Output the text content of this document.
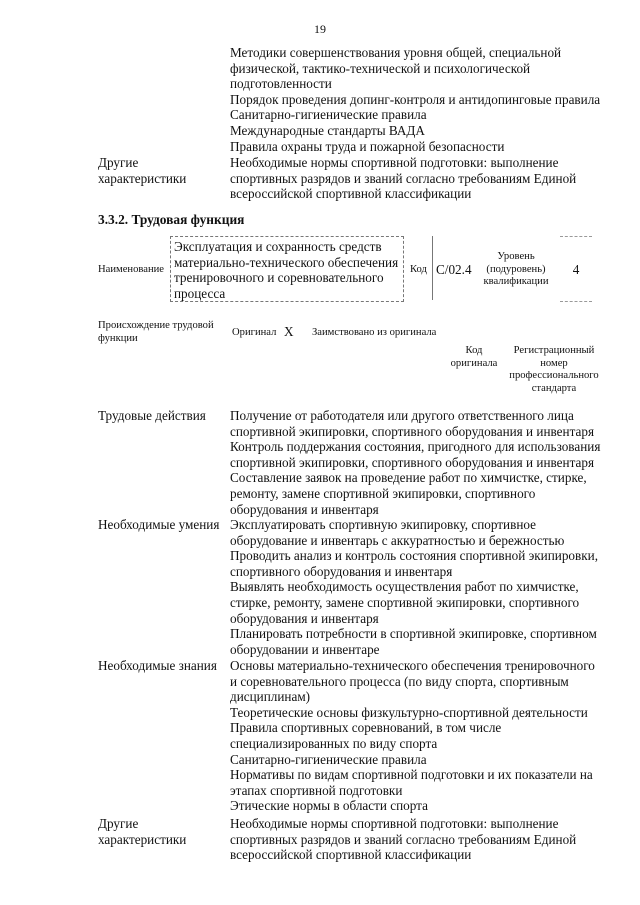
19
Методики совершенствования уровня общей, специальной
физической, тактико-технической и психологической
подготовленности
Порядок проведения допинг-контроля и антидопинговые правила
Санитарно-гигиенические правила
Международные стандарты ВАДА
Правила охраны труда и пожарной безопасности
Другие
характеристики
Необходимые нормы спортивной подготовки: выполнение
спортивных разрядов и званий согласно требованиям Единой
всероссийской спортивной классификации
3.3.2. Трудовая функция
Наименование
Эксплуатация и сохранность средств
материально-технического обеспечения
тренировочного и соревновательного
процесса
Код C/02.4
Уровень
(подуровень)
квалификации
4
Происхождение трудовой
функции
Оригинал X Заимствовано из оригинала
Код
оригинала
Регистрационный
номер
профессионального
стандарта
Трудовые действия	Получение от работодателя или другого ответственного лица
спортивной экипировки, спортивного оборудования и инвентаря
Контроль поддержания состояния, пригодного для использования
спортивной экипировки, спортивного оборудования и инвентаря
Составление заявок на проведение работ по химчистке, стирке,
ремонту, замене спортивной экипировки, спортивного
оборудования и инвентаря
Необходимые умения Эксплуатировать спортивную экипировку, спортивное
оборудование и инвентарь с аккуратностью и бережностью
Проводить анализ и контроль состояния спортивной экипировки,
спортивного оборудования и инвентаря
Выявлять необходимость осуществления работ по химчистке,
стирке, ремонту, замене спортивной экипировки, спортивного
оборудования и инвентаря
Планировать потребности в спортивной экипировке, спортивном
оборудовании и инвентаре
Необходимые знания Основы материально-технического обеспечения тренировочного
и соревновательного процесса (по виду спорта, спортивным
дисциплинам)
Теоретические основы физкультурно-спортивной деятельности
Правила спортивных соревнований, в том числе
специализированных по виду спорта
Санитарно-гигиенические правила
Нормативы по видам спортивной подготовки и их показатели на
этапах спортивной подготовки
Этические нормы в области спорта
Другие
характеристики
Необходимые нормы спортивной подготовки: выполнение
спортивных разрядов и званий согласно требованиям Единой
всероссийской спортивной классификации
